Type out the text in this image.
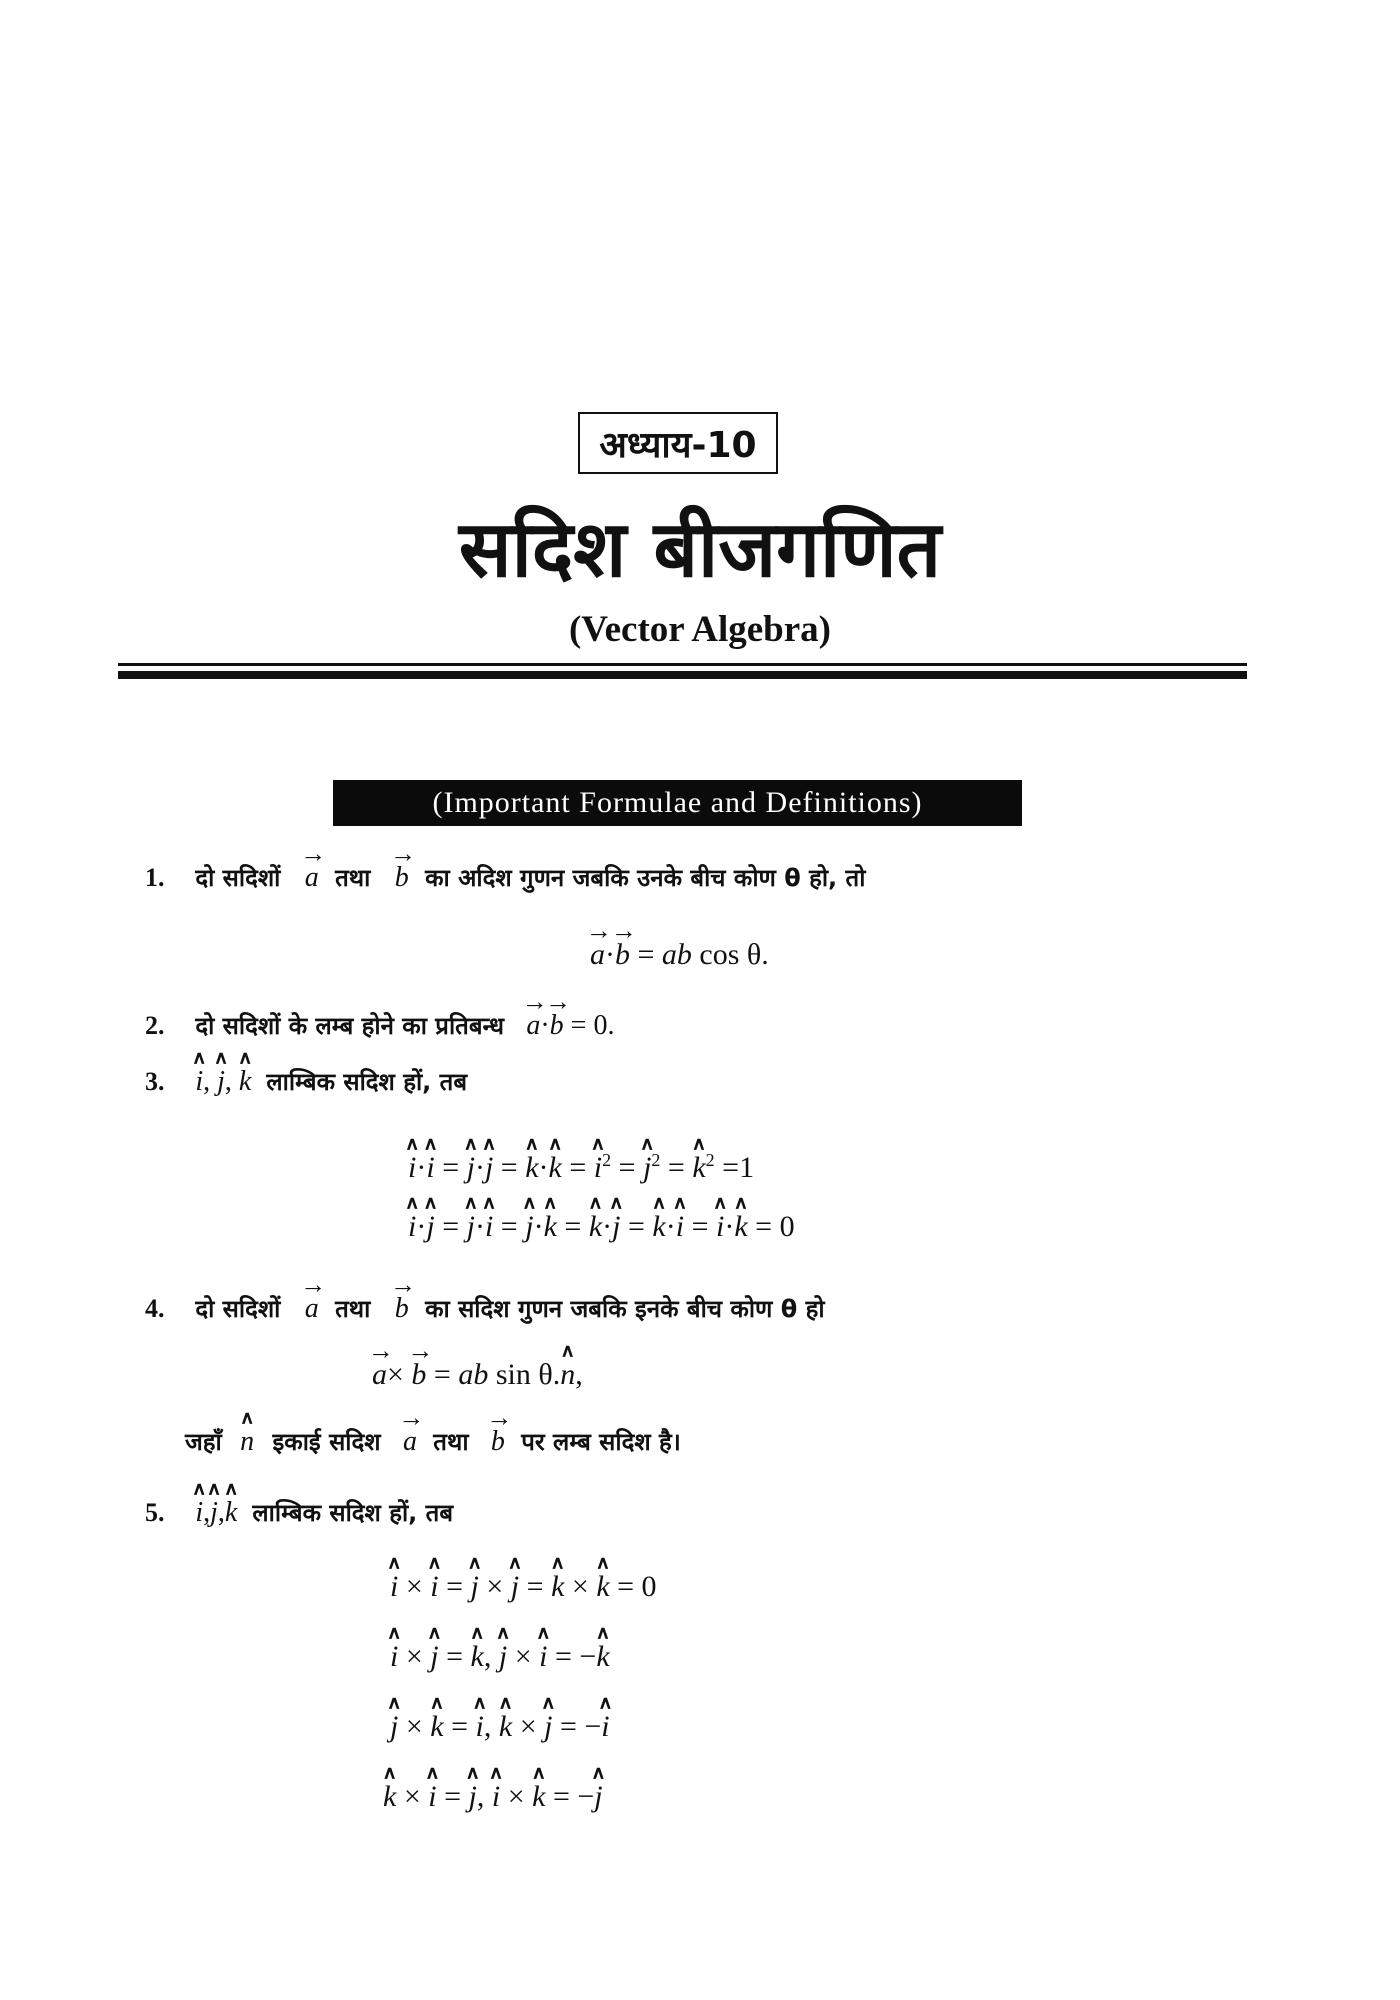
अध्याय-10
सदिश बीजगणित
(Vector Algebra)
(Important Formulae and Definitions)
1. दो सदिशों → a तथा → b का अदिश गुणन जबकि उनके बीच कोण θ हो, तो
→ a·→ b = ab cos θ.
2. दो सदिशों के लम्ब होने का प्रतिबन्ध → a·→ b = 0.
3. ∧ i, ∧ j, ∧ k लाम्बिक सदिश हों, तब
∧ i·∧ i = ∧ j·∧ j = ∧ k·∧ k = ∧ $i^2$ = ∧ $j^2$ = ∧ $k^2 =1$
∧ i·∧ j = ∧ j·∧ i = ∧ j·∧ k = ∧ k·∧ j = ∧ k·∧ i = ∧ i·∧ k = 0
4. दो सदिशों → a तथा → b का सदिश गुणन जबकि इनके बीच कोण θ हो
→ a× → b = ab sin θ.∧ n,
जहाँ ∧ n इकाई सदिश → a तथा → b पर लम्ब सदिश है।
5. ∧ i,∧ j,∧ k लाम्बिक सदिश हों, तब
∧ i × ∧ i = ∧ j × ∧ j = ∧ k × ∧ k = 0
∧ i × ∧ j = ∧ k, ∧ j × ∧ i = −∧ k
∧ j × ∧ k = ∧ i, ∧ k × ∧ j = −∧ i
∧ k × ∧ i = ∧ j, ∧ i × ∧ k = −∧ j
